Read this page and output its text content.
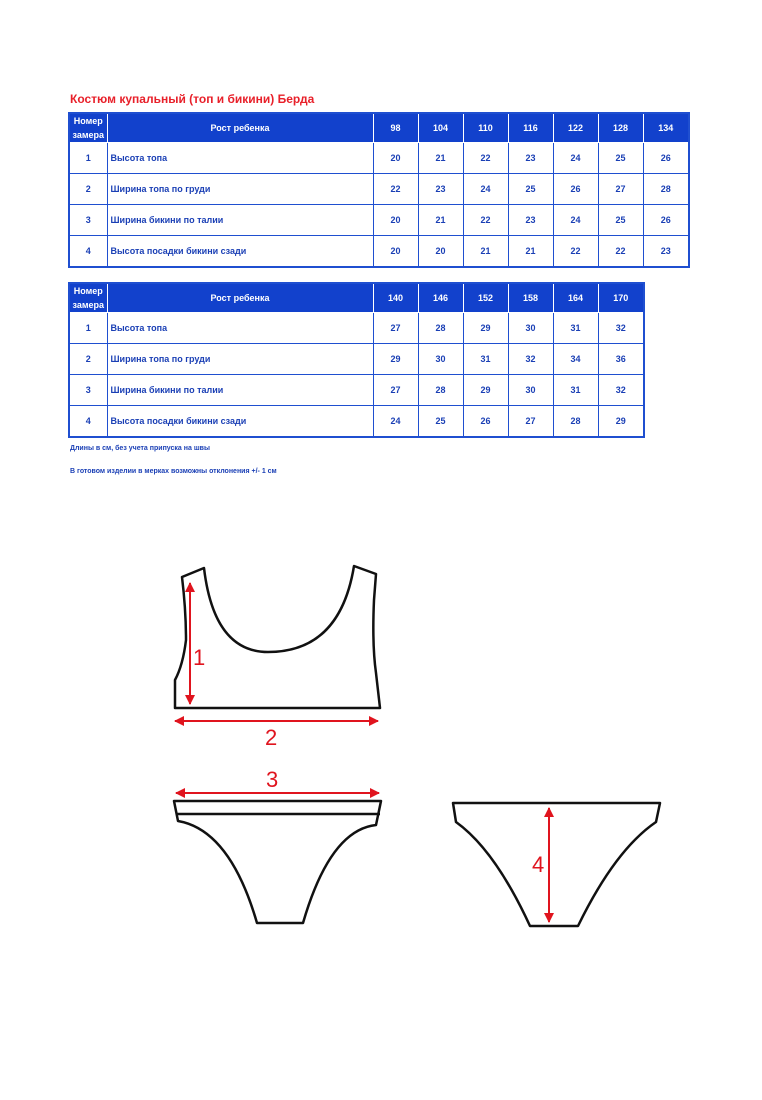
Костюм купальный (топ и бикини) Берда
Номер замера	Рост ребенка	98	104	110	116	122	128	134
1	Высота топа	20	21	22	23	24	25	26
2	Ширина топа по груди	22	23	24	25	26	27	28
3	Ширина бикини по талии	20	21	22	23	24	25	26
4	Высота посадки бикини сзади	20	20	21	21	22	22	23
Номер замера	Рост ребенка	140	146	152	158	164	170
1	Высота топа	27	28	29	30	31	32
2	Ширина топа по груди	29	30	31	32	34	36
3	Ширина бикини по талии	27	28	29	30	31	32
4	Высота посадки бикини сзади	24	25	26	27	28	29
Длины в см, без учета припуска на швы
В готовом изделии в мерках возможны отклонения +/- 1 см
1
2
3
4
